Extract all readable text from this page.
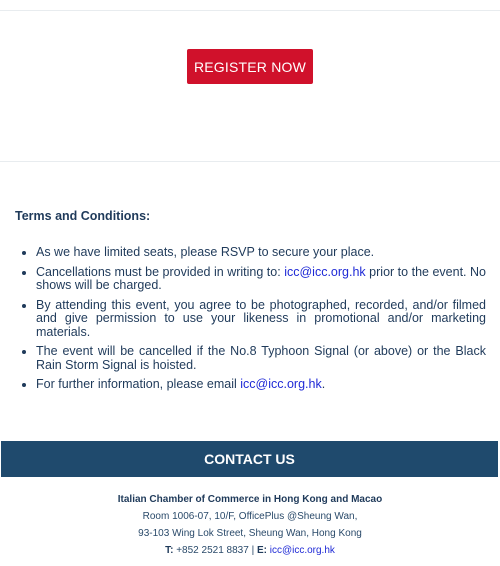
REGISTER NOW
Terms and Conditions:
• As we have limited seats, please RSVP to secure your place.
• Cancellations must be provided in writing to: icc@icc.org.hk prior to the event. No shows will be charged.
• By attending this event, you agree to be photographed, recorded, and/or filmed and give permission to use your likeness in promotional and/or marketing materials.
• The event will be cancelled if the No.8 Typhoon Signal (or above) or the Black Rain Storm Signal is hoisted.
• For further information, please email icc@icc.org.hk.
CONTACT US
Italian Chamber of Commerce in Hong Kong and Macao
Room 1006-07, 10/F, OfficePlus @Sheung Wan,
93-103 Wing Lok Street, Sheung Wan, Hong Kong
T: +852 2521 8837 | E: icc@icc.org.hk
